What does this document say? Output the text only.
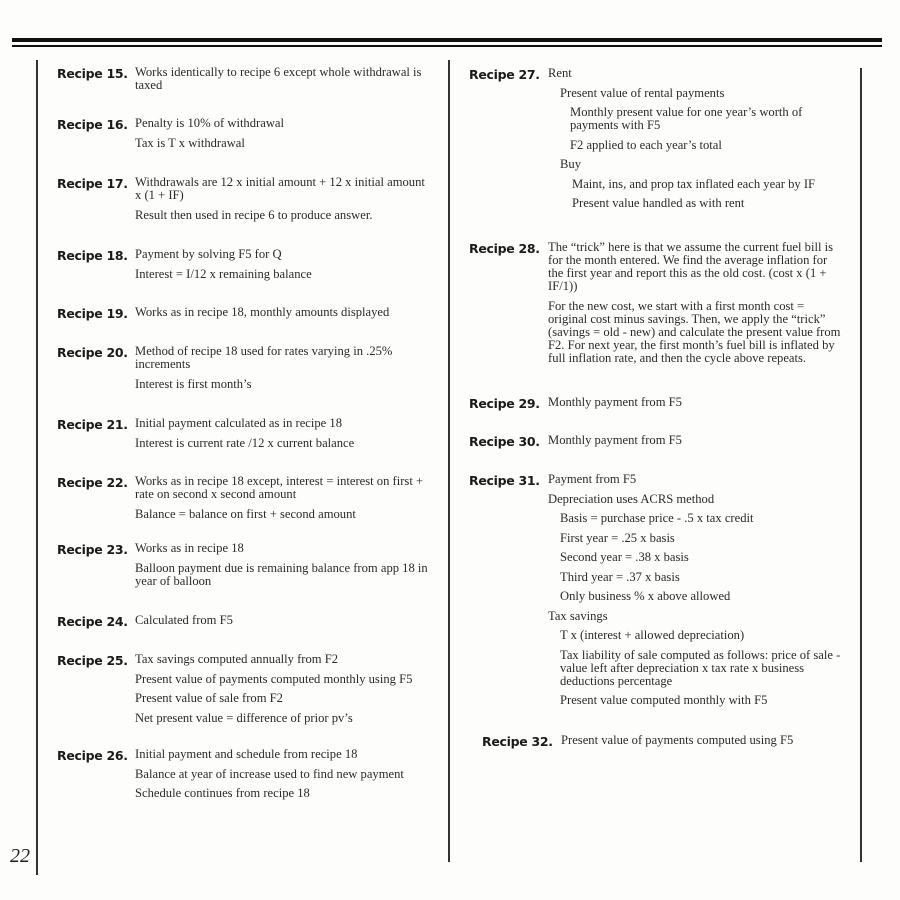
Recipe 15. Works identically to recipe 6 except whole withdrawal is taxed

Recipe 16. Penalty is 10% of withdrawal

Tax is T x withdrawal

Recipe 17. Withdrawals are 12 x initial amount + 12 x initial amount x (1 + IF)

Result then used in recipe 6 to produce answer.

Recipe 18. Payment by solving F5 for Q

Interest = I/12 x remaining balance

Recipe 19. Works as in recipe 18, monthly amounts displayed

Recipe 20. Method of recipe 18 used for rates varying in .25% increments

Interest is first month’s

Recipe 21. Initial payment calculated as in recipe 18

Interest is current rate /12 x current balance

Recipe 22. Works as in recipe 18 except, interest = interest on first + rate on second x second amount

Balance = balance on first + second amount

Recipe 23. Works as in recipe 18

Balloon payment due is remaining balance from app 18 in year of balloon

Recipe 24. Calculated from F5

Recipe 25. Tax savings computed annually from F2

Present value of payments computed monthly using F5

Present value of sale from F2

Net present value = difference of prior pv’s

Recipe 26. Initial payment and schedule from recipe 18

Balance at year of increase used to find new payment

Schedule continues from recipe 18

Recipe 27. Rent

Present value of rental payments

Monthly present value for one year’s worth of payments with F5

F2 applied to each year’s total

Buy

Maint, ins, and prop tax inflated each year by IF

Present value handled as with rent

Recipe 28. The “trick” here is that we assume the current fuel bill is for the month entered. We find the average inflation for the first year and report this as the old cost. (cost x (1 + IF/1))

For the new cost, we start with a first month cost = original cost minus savings. Then, we apply the “trick” (savings = old - new) and calculate the present value from F2. For next year, the first month’s fuel bill is inflated by full inflation rate, and then the cycle above repeats.

Recipe 29. Monthly payment from F5

Recipe 30. Monthly payment from F5

Recipe 31. Payment from F5

Depreciation uses ACRS method

Basis = purchase price - .5 x tax credit

First year = .25 x basis

Second year = .38 x basis

Third year = .37 x basis

Only business % x above allowed

Tax savings

T x (interest + allowed depreciation)

Tax liability of sale computed as follows: price of sale - value left after depreciation x tax rate x business deductions percentage

Present value computed monthly with F5

Recipe 32. Present value of payments computed using F5

22
